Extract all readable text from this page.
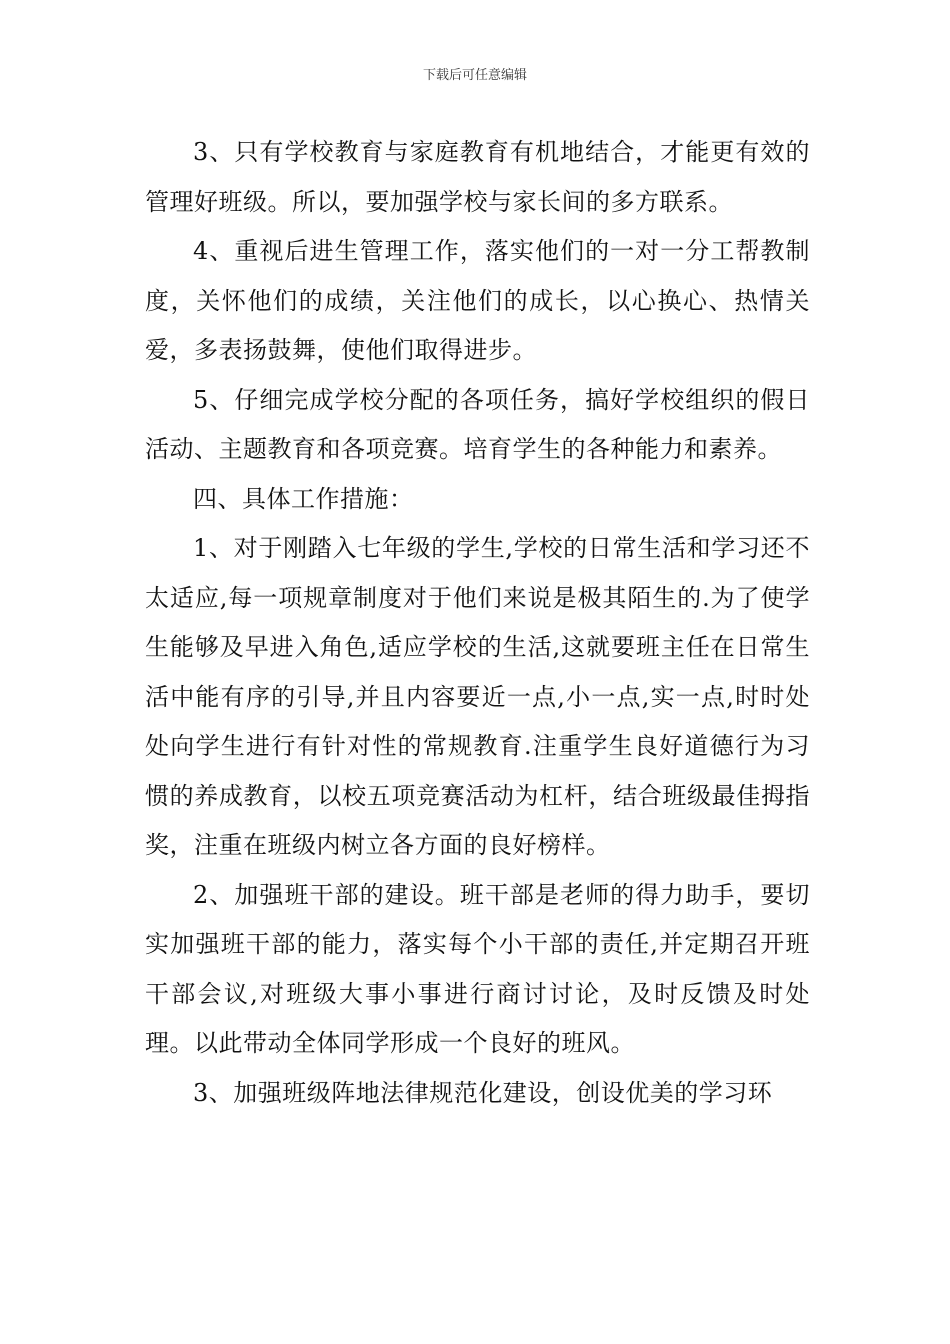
下载后可任意编辑

3、只有学校教育与家庭教育有机地结合，才能更有效的管理好班级。所以，要加强学校与家长间的多方联系。

4、重视后进生管理工作，落实他们的一对一分工帮教制度，关怀他们的成绩，关注他们的成长，以心换心、热情关爱，多表扬鼓舞，使他们取得进步。

5、仔细完成学校分配的各项任务，搞好学校组织的假日活动、主题教育和各项竞赛。培育学生的各种能力和素养。

四、具体工作措施：

1、对于刚踏入七年级的学生,学校的日常生活和学习还不太适应,每一项规章制度对于他们来说是极其陌生的.为了使学生能够及早进入角色,适应学校的生活,这就要班主任在日常生活中能有序的引导,并且内容要近一点,小一点,实一点,时时处处向学生进行有针对性的常规教育.注重学生良好道德行为习惯的养成教育，以校五项竞赛活动为杠杆，结合班级最佳拇指奖，注重在班级内树立各方面的良好榜样。

2、加强班干部的建设。班干部是老师的得力助手，要切实加强班干部的能力，落实每个小干部的责任,并定期召开班干部会议,对班级大事小事进行商讨讨论，及时反馈及时处理。以此带动全体同学形成一个良好的班风。

3、加强班级阵地法律规范化建设，创设优美的学习环
